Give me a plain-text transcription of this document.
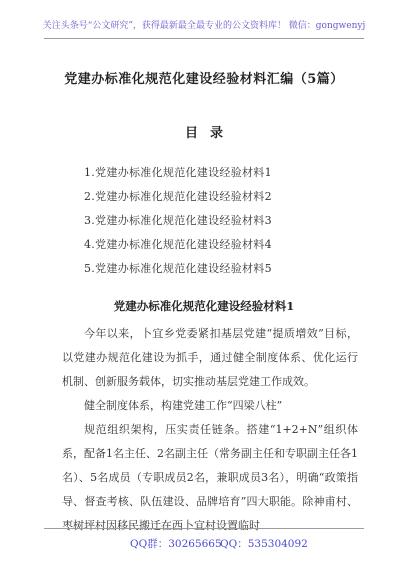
关注头条号“公文研究”，获得最新最全最专业的公文资料库！ 微信：gongwenyj
党建办标准化规范化建设经验材料汇编（5篇）
目录
1.党建办标准化规范化建设经验材料1
2.党建办标准化规范化建设经验材料2
3.党建办标准化规范化建设经验材料3
4.党建办标准化规范化建设经验材料4
5.党建办标准化规范化建设经验材料5
党建办标准化规范化建设经验材料1

今年以来，卜宜乡党委紧扣基层党建“提质增效”目标，以党建办规范化建设为抓手，通过健全制度体系、优化运行机制、创新服务载体，切实推动基层党建工作成效。

健全制度体系，构建党建工作“四梁八柱”

规范组织架构，压实责任链条。搭建“1+2+N”组织体系，配备1名主任、2名副主任（常务副主任和专职副主任各1名）、5名成员（专职成员2名，兼职成员3名），明确“政策指导、督查考核、队伍建设、品牌培育”四大职能。除神甫村、枣树坪村因移民搬迁在西卜宜村设置临时

QQ群：30265665
QQ：535304092
